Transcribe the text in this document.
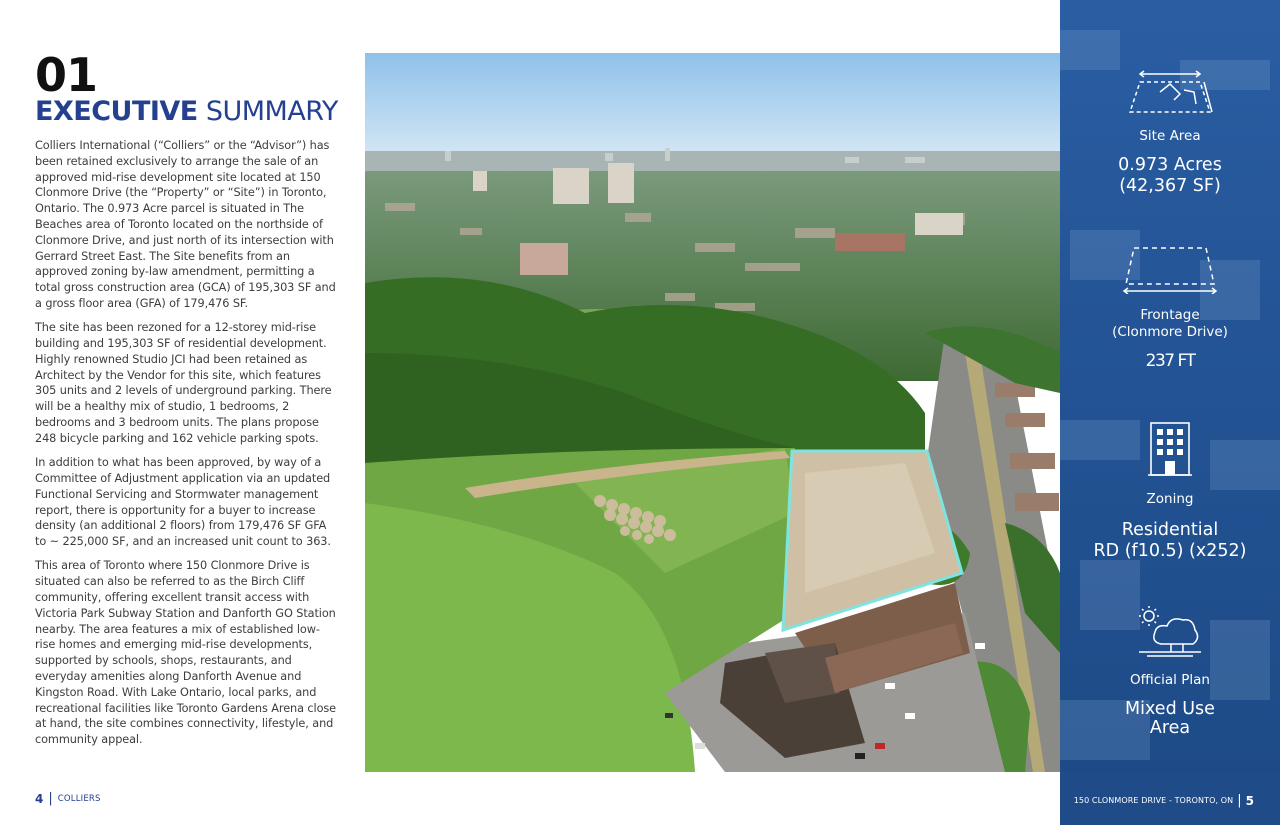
01
EXECUTIVE SUMMARY

Colliers International (“Colliers” or the “Advisor”) has been retained exclusively to arrange the sale of an approved mid-rise development site located at 150 Clonmore Drive (the “Property” or “Site”) in Toronto, Ontario. The 0.973 Acre parcel is situated in The Beaches area of Toronto located on the northside of Clonmore Drive, and just north of its intersection with Gerrard Street East. The Site benefits from an approved zoning by-law amendment, permitting a total gross construction area (GCA) of 195,303 SF and a gross floor area (GFA) of 179,476 SF.

The site has been rezoned for a 12-storey mid-rise building and 195,303 SF of residential development. Highly renowned Studio JCI had been retained as Architect by the Vendor for this site, which features 305 units and 2 levels of underground parking. There will be a healthy mix of studio, 1 bedrooms, 2 bedrooms and 3 bedroom units. The plans propose 248 bicycle parking and 162 vehicle parking spots.

In addition to what has been approved, by way of a Committee of Adjustment application via an updated Functional Servicing and Stormwater management report, there is opportunity for a buyer to increase density (an additional 2 floors) from 179,476 SF GFA to ~ 225,000 SF, and an increased unit count to 363.

This area of Toronto where 150 Clonmore Drive is situated can also be referred to as the Birch Cliff community, offering excellent transit access with Victoria Park Subway Station and Danforth GO Station nearby. The area features a mix of established low-rise homes and emerging mid-rise developments, supported by schools, shops, restaurants, and everyday amenities along Danforth Avenue and Kingston Road. With Lake Ontario, local parks, and recreational facilities like Toronto Gardens Arena close at hand, the site combines connectivity, lifestyle, and community appeal.

Site Area
0.973 Acres
(42,367 SF)
Frontage
(Clonmore Drive)
237 FT
Zoning
Residential
RD (f10.5) (x252)
Official Plan
Mixed Use
Area
4 | COLLIERS	150 CLONMORE DRIVE - TORONTO, ON | 5
